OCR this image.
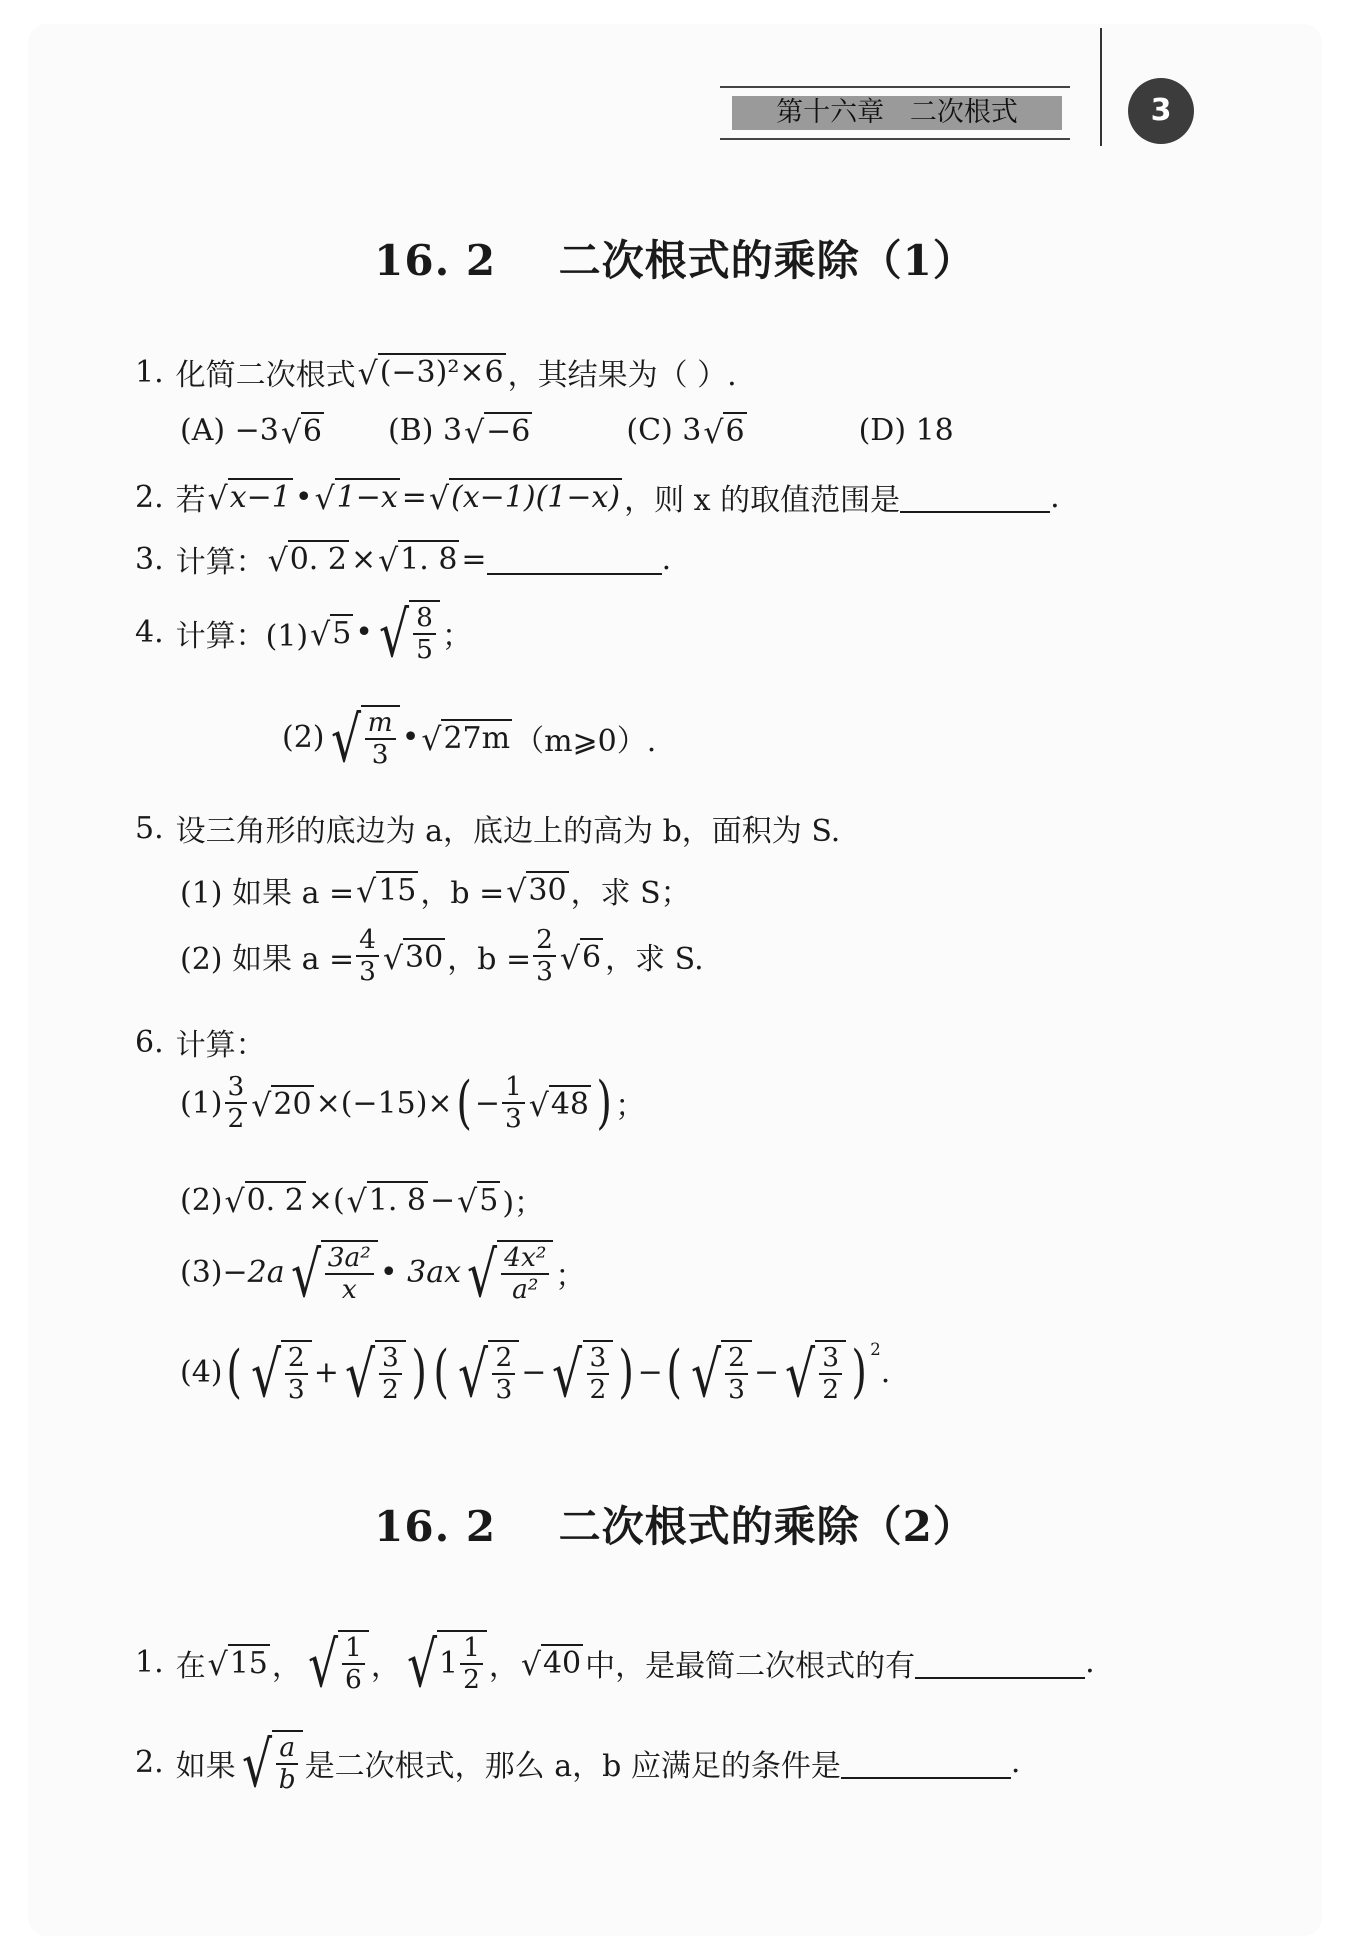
第十六章   二次根式	3
16. 2    二次根式的乘除（1）
1. 化简二次根式 √ (−3)²×6 ，其结果为（ ）.
(A) −3 √ 6 (B) 3 √ −6	(C) 3 √ 6	(D) 18
2. 若 √ x−1 • √ 1−x = √ (x−1)(1−x) ，则 x 的取值范围是	.
3. 计算： √ 0. 2 × √ 1. 8 =	.
4. 计算：(1) √ 5 • √ $\frac{8}{5}$ ；
(2) √ $\frac{m}{3}$ • √ 27m （m⩾0）.
5. 设三角形的底边为 a，底边上的高为 b，面积为 S.
(1) 如果 a = √ 15 ，b = √ 30 ，求 S；
(2) 如果 $a = \frac{4}{3}$ √ 30 ，$b = \frac{2}{3}$ √ 6 ，求 S.
6. 计算：
$(1) \frac{3}{2}$ √ 20 ×(−15)× ( − $\frac{1}{3}$ √ 48 ) ；
(2) √ 0. 2 ×( √ 1. 8 − √ 5 )；
(3) −2a √ $\frac{\text{3a²}}{x}$ • 3ax √ $\frac{\text{4x²}}{\text{a²}}$ ；
(4) ( √ $\frac{2}{3}$ + √ $\frac{3}{2}$ ) ( √ $\frac{2}{3}$ − √ $\frac{3}{2}$ ) − ( √ $\frac{2}{3}$ − √ $\frac{3}{2} )^2$
.
16. 2    二次根式的乘除（2）
1. 在 √ 15 ， √ $\frac{1}{6}$ ， √ $1 \frac{1}{2}$ ， √ 40 中，是最简二次根式的有	.
2. 如果 √ $\frac{a}{b}$ 是二次根式，那么 a，b 应满足的条件是	.
